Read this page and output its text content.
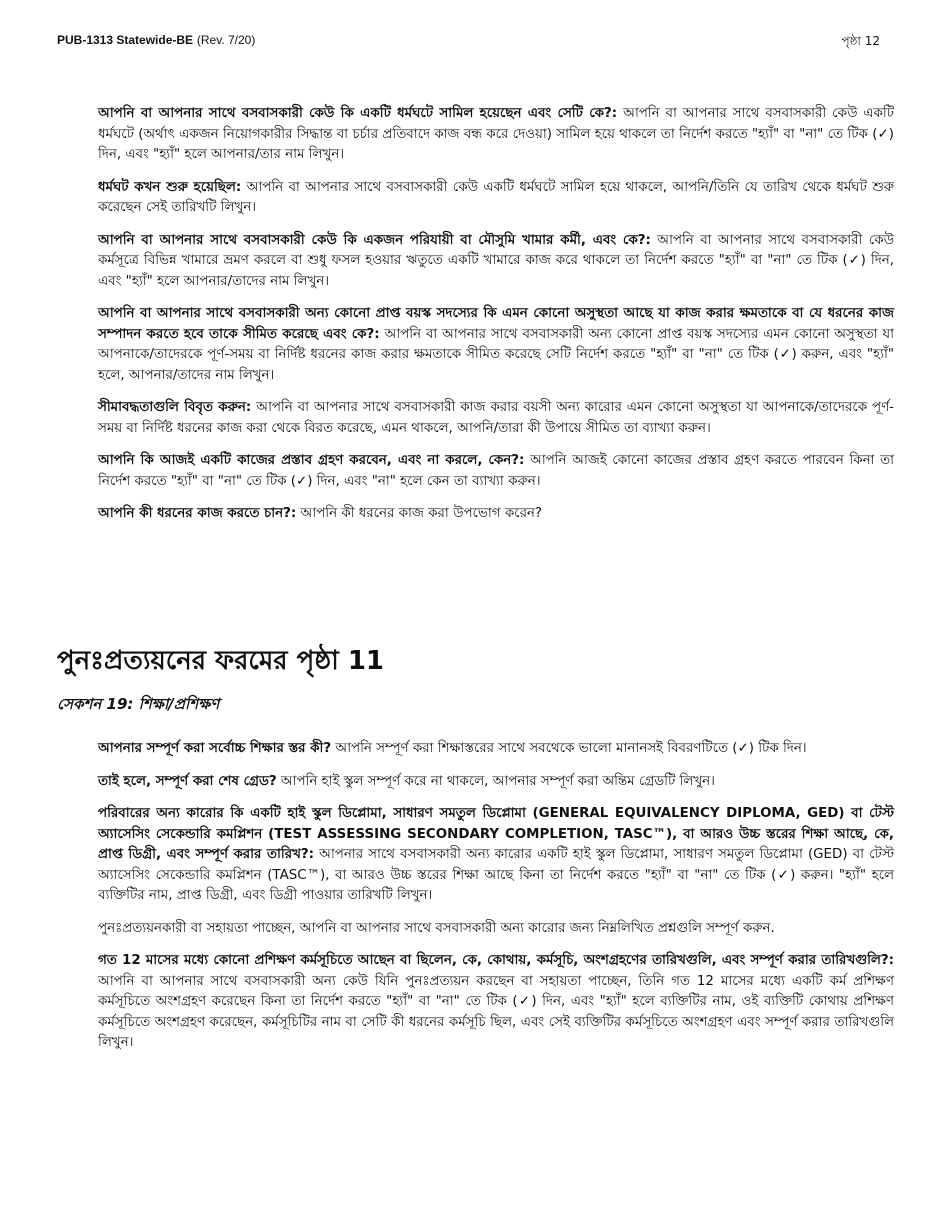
PUB-1313 Statewide-BE (Rev. 7/20)	পৃষ্ঠা 12

আপনি বা আপনার সাথে বসবাসকারী কেউ কি একটি ধর্মঘটে সামিল হয়েছেন এবং সেটি কে?: আপনি বা আপনার সাথে বসবাসকারী কেউ একটি ধর্মঘটে (অর্থাৎ একজন নিয়োগকারীর সিদ্ধান্ত বা চর্চার প্রতিবাদে কাজ বন্ধ করে দেওয়া) সামিল হয়ে থাকলে তা নির্দেশ করতে "হ্যাঁ" বা "না" তে টিক (✓) দিন, এবং "হ্যাঁ" হলে আপনার/তার নাম লিখুন।

ধর্মঘট কখন শুরু হয়েছিল: আপনি বা আপনার সাথে বসবাসকারী কেউ একটি ধর্মঘটে সামিল হয়ে থাকলে, আপনি/তিনি যে তারিখ থেকে ধর্মঘট শুরু করেছেন সেই তারিখটি লিখুন।

আপনি বা আপনার সাথে বসবাসকারী কেউ কি একজন পরিযায়ী বা মৌসুমি খামার কর্মী, এবং কে?: আপনি বা আপনার সাথে বসবাসকারী কেউ কর্মসূত্রে বিভিন্ন খামারে ভ্রমণ করলে বা শুধু ফসল হওয়ার ঋতুতে একটি খামারে কাজ করে থাকলে তা নির্দেশ করতে "হ্যাঁ" বা "না" তে টিক (✓) দিন, এবং "হ্যাঁ" হলে আপনার/তাদের নাম লিখুন।

আপনি বা আপনার সাথে বসবাসকারী অন্য কোনো প্রাপ্ত বয়স্ক সদস্যের কি এমন কোনো অসুস্থতা আছে যা কাজ করার ক্ষমতাকে বা যে ধরনের কাজ সম্পাদন করতে হবে তাকে সীমিত করেছে এবং কে?: আপনি বা আপনার সাথে বসবাসকারী অন্য কোনো প্রাপ্ত বয়স্ক সদস্যের এমন কোনো অসুস্থতা যা আপনাকে/তাদেরকে পূর্ণ-সময় বা নির্দিষ্ট ধরনের কাজ করার ক্ষমতাকে সীমিত করেছে সেটি নির্দেশ করতে "হ্যাঁ" বা "না" তে টিক (✓) করুন, এবং "হ্যাঁ" হলে, আপনার/তাদের নাম লিখুন।

সীমাবদ্ধতাগুলি বিবৃত করুন: আপনি বা আপনার সাথে বসবাসকারী কাজ করার বয়সী অন্য কারোর এমন কোনো অসুস্থতা যা আপনাকে/তাদেরকে পূর্ণ-সময় বা নির্দিষ্ট ধরনের কাজ করা থেকে বিরত করেছে, এমন থাকলে, আপনি/তারা কী উপায়ে সীমিত তা ব্যাখ্যা করুন।

আপনি কি আজই একটি কাজের প্রস্তাব গ্রহণ করবেন, এবং না করলে, কেন?: আপনি আজই কোনো কাজের প্রস্তাব গ্রহণ করতে পারবেন কিনা তা নির্দেশ করতে "হ্যাঁ" বা "না" তে টিক (✓) দিন, এবং "না" হলে কেন তা ব্যাখ্যা করুন।

আপনি কী ধরনের কাজ করতে চান?: আপনি কী ধরনের কাজ করা উপভোগ করেন?

পুনঃপ্রত্যয়নের ফরমের পৃষ্ঠা 11
সেকশন 19: শিক্ষা/প্রশিক্ষণ

আপনার সম্পূর্ণ করা সর্বোচ্চ শিক্ষার স্তর কী? আপনি সম্পূর্ণ করা শিক্ষাস্তরের সাথে সবথেকে ভালো মানানসই বিবরণটিতে (✓) টিক দিন।

তাই হলে, সম্পূর্ণ করা শেষ গ্রেড? আপনি হাই স্কুল সম্পূর্ণ করে না থাকলে, আপনার সম্পূর্ণ করা অন্তিম গ্রেডটি লিখুন।

পরিবারের অন্য কারোর কি একটি হাই স্কুল ডিপ্লোমা, সাধারণ সমতুল ডিপ্লোমা (GENERAL EQUIVALENCY DIPLOMA, GED) বা টেস্ট অ্যাসেসিং সেকেন্ডারি কমপ্লিশন (TEST ASSESSING SECONDARY COMPLETION, TASC™), বা আরও উচ্চ স্তরের শিক্ষা আছে, কে, প্রাপ্ত ডিগ্রী, এবং সম্পূর্ণ করার তারিখ?: আপনার সাথে বসবাসকারী অন্য কারোর একটি হাই স্কুল ডিপ্লোমা, সাধারণ সমতুল ডিপ্লোমা (GED) বা টেস্ট অ্যাসেসিং সেকেন্ডারি কমপ্লিশন (TASC™), বা আরও উচ্চ স্তরের শিক্ষা আছে কিনা তা নির্দেশ করতে "হ্যাঁ" বা "না" তে টিক (✓) করুন। "হ্যাঁ" হলে ব্যক্তিটির নাম, প্রাপ্ত ডিগ্রী, এবং ডিগ্রী পাওয়ার তারিখটি লিখুন।

পুনঃপ্রত্যয়নকারী বা সহায়তা পাচ্ছেন, আপনি বা আপনার সাথে বসবাসকারী অন্য কারোর জন্য নিম্নলিখিত প্রশ্নগুলি সম্পূর্ণ করুন.

গত 12 মাসের মধ্যে কোনো প্রশিক্ষণ কর্মসূচিতে আছেন বা ছিলেন, কে, কোথায়, কর্মসূচি, অংশগ্রহণের তারিখগুলি, এবং সম্পূর্ণ করার তারিখগুলি?: আপনি বা আপনার সাথে বসবাসকারী অন্য কেউ যিনি পুনঃপ্রত্যয়ন করছেন বা সহায়তা পাচ্ছেন, তিনি গত 12 মাসের মধ্যে একটি কর্ম প্রশিক্ষণ কর্মসূচিতে অংশগ্রহণ করেছেন কিনা তা নির্দেশ করতে "হ্যাঁ" বা "না" তে টিক (✓) দিন, এবং "হ্যাঁ" হলে ব্যক্তিটির নাম, ওই ব্যক্তিটি কোথায় প্রশিক্ষণ কর্মসূচিতে অংশগ্রহণ করেছেন, কর্মসূচিটির নাম বা সেটি কী ধরনের কর্মসূচি ছিল, এবং সেই ব্যক্তিটির কর্মসূচিতে অংশগ্রহণ এবং সম্পূর্ণ করার তারিখগুলি লিখুন।
